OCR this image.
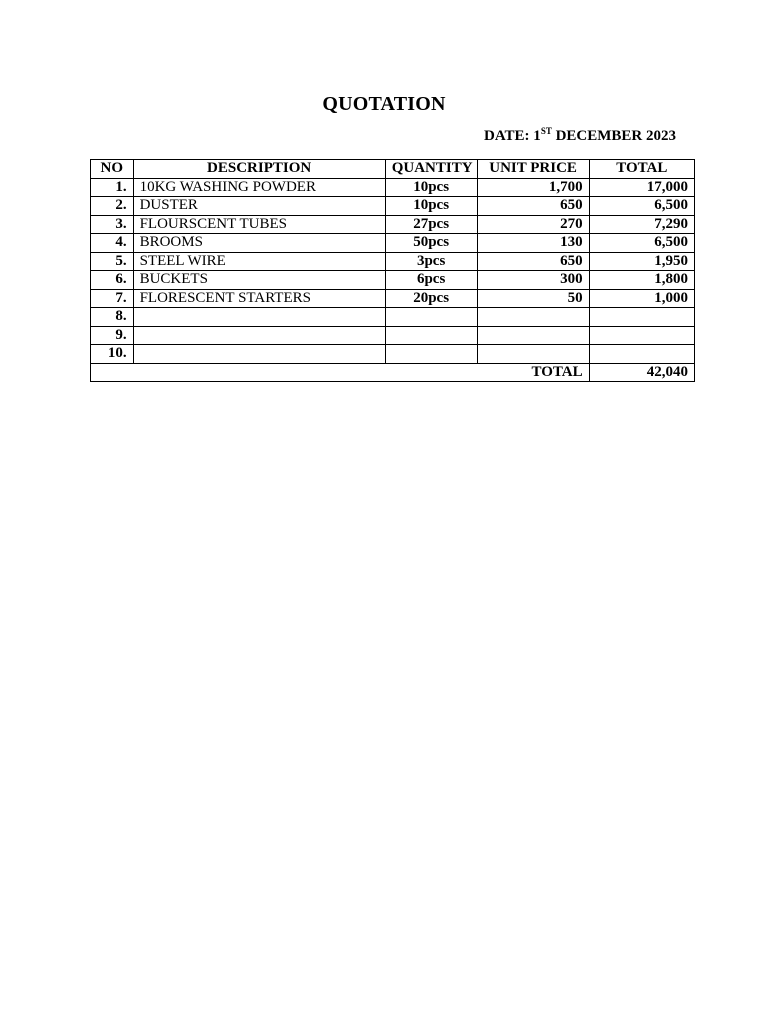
QUOTATION
DATE: 1ST DECEMBER 2023
NO	DESCRIPTION	QUANTITY	UNIT PRICE	TOTAL
1.	10KG WASHING POWDER	10pcs	1,700	17,000
2.	DUSTER	10pcs	650	6,500
3.	FLOURSCENT TUBES	27pcs	270	7,290
4.	BROOMS	50pcs	130	6,500
5.	STEEL WIRE	3pcs	650	1,950
6.	BUCKETS	6pcs	300	1,800
7.	FLORESCENT STARTERS	20pcs	50	1,000
8.				
9.				
10.				
TOTAL				42,040
